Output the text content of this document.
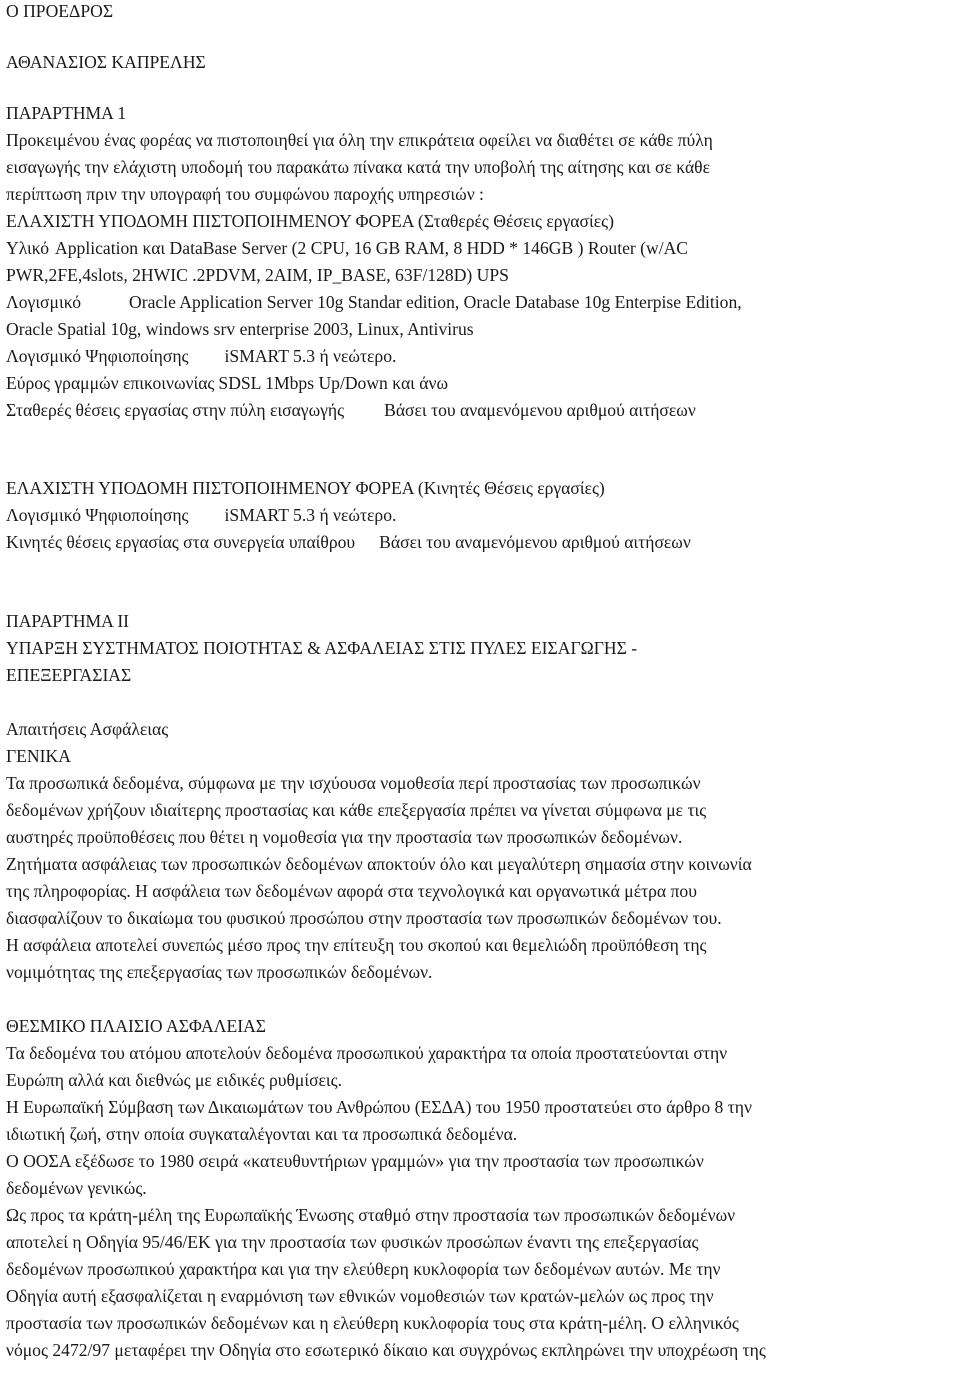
Ο ΠΡΟΕΔΡΟΣ
ΑΘΑΝΑΣΙΟΣ ΚΑΠΡΕΛΗΣ
ΠΑΡΑΡΤΗΜΑ 1
Προκειμένου ένας φορέας να πιστοποιηθεί για όλη την επικράτεια οφείλει να διαθέτει σε κάθε πύλη
εισαγωγής την ελάχιστη υποδομή του παρακάτω πίνακα κατά την υποβολή της αίτησης και σε κάθε
περίπτωση πριν την υπογραφή του συμφώνου παροχής υπηρεσιών :
ΕΛΑΧΙΣΤΗ ΥΠΟΔΟΜΗ ΠΙΣΤΟΠΟΙΗΜΕΝΟΥ ΦΟΡΕΑ (Σταθερές Θέσεις εργασίες)
Υλικό Application και DataBase Server (2 CPU, 16 GB RAM, 8 HDD * 146GB ) Router (w/AC
PWR,2FE,4slots, 2HWIC .2PDVM, 2AIM, IP_BASE, 63F/128D) UPS
Λογισμικό	Oracle Application Server 10g Standar edition, Oracle Database 10g Enterpise Edition,
Oracle Spatial 10g, windows srv enterprise 2003, Linux, Antivirus
Λογισμικό Ψηφιοποίησης iSMART 5.3 ή νεώτερο.
Εύρος γραμμών επικοινωνίας SDSL 1Mbps Up/Down και άνω
Σταθερές θέσεις εργασίας στην πύλη εισαγωγής Βάσει του αναμενόμενου αριθμού αιτήσεων
ΕΛΑΧΙΣΤΗ ΥΠΟΔΟΜΗ ΠΙΣΤΟΠΟΙΗΜΕΝΟΥ ΦΟΡΕΑ (Κινητές Θέσεις εργασίες)
Λογισμικό Ψηφιοποίησης iSMART 5.3 ή νεώτερο.
Κινητές θέσεις εργασίας στα συνεργεία υπαίθρου Βάσει του αναμενόμενου αριθμού αιτήσεων
ΠΑΡΑΡΤΗΜΑ ΙΙ
ΥΠΑΡΞΗ ΣΥΣΤΗΜΑΤΟΣ ΠΟΙΟΤΗΤΑΣ & ΑΣΦΑΛΕΙΑΣ ΣΤΙΣ ΠΥΛΕΣ ΕΙΣΑΓΩΓΗΣ -
ΕΠΕΞΕΡΓΑΣΙΑΣ
Απαιτήσεις Ασφάλειας
ΓΕΝΙΚΑ
Τα προσωπικά δεδομένα, σύμφωνα με την ισχύουσα νομοθεσία περί προστασίας των προσωπικών
δεδομένων χρήζουν ιδιαίτερης προστασίας και κάθε επεξεργασία πρέπει να γίνεται σύμφωνα με τις
αυστηρές προϋποθέσεις που θέτει η νομοθεσία για την προστασία των προσωπικών δεδομένων.
Ζητήματα ασφάλειας των προσωπικών δεδομένων αποκτούν όλο και μεγαλύτερη σημασία στην κοινωνία
της πληροφορίας. Η ασφάλεια των δεδομένων αφορά στα τεχνολογικά και οργανωτικά μέτρα που
διασφαλίζουν το δικαίωμα του φυσικού προσώπου στην προστασία των προσωπικών δεδομένων του.
Η ασφάλεια αποτελεί συνεπώς μέσο προς την επίτευξη του σκοπού και θεμελιώδη προϋπόθεση της
νομιμότητας της επεξεργασίας των προσωπικών δεδομένων.
ΘΕΣΜΙΚΟ ΠΛΑΙΣΙΟ ΑΣΦΑΛΕΙΑΣ
Τα δεδομένα του ατόμου αποτελούν δεδομένα προσωπικού χαρακτήρα τα οποία προστατεύονται στην
Ευρώπη αλλά και διεθνώς με ειδικές ρυθμίσεις.
Η Ευρωπαϊκή Σύμβαση των Δικαιωμάτων του Ανθρώπου (ΕΣΔΑ) του 1950 προστατεύει στο άρθρο 8 την
ιδιωτική ζωή, στην οποία συγκαταλέγονται και τα προσωπικά δεδομένα.
Ο ΟΟΣΑ εξέδωσε το 1980 σειρά «κατευθυντήριων γραμμών» για την προστασία των προσωπικών
δεδομένων γενικώς.
Ως προς τα κράτη-μέλη της Ευρωπαϊκής Ένωσης σταθμό στην προστασία των προσωπικών δεδομένων
αποτελεί η Οδηγία 95/46/ΕΚ για την προστασία των φυσικών προσώπων έναντι της επεξεργασίας
δεδομένων προσωπικού χαρακτήρα και για την ελεύθερη κυκλοφορία των δεδομένων αυτών. Με την
Οδηγία αυτή εξασφαλίζεται η εναρμόνιση των εθνικών νομοθεσιών των κρατών-μελών ως προς την
προστασία των προσωπικών δεδομένων και η ελεύθερη κυκλοφορία τους στα κράτη-μέλη. Ο ελληνικός
νόμος 2472/97 μεταφέρει την Οδηγία στο εσωτερικό δίκαιο και συγχρόνως εκπληρώνει την υποχρέωση της
